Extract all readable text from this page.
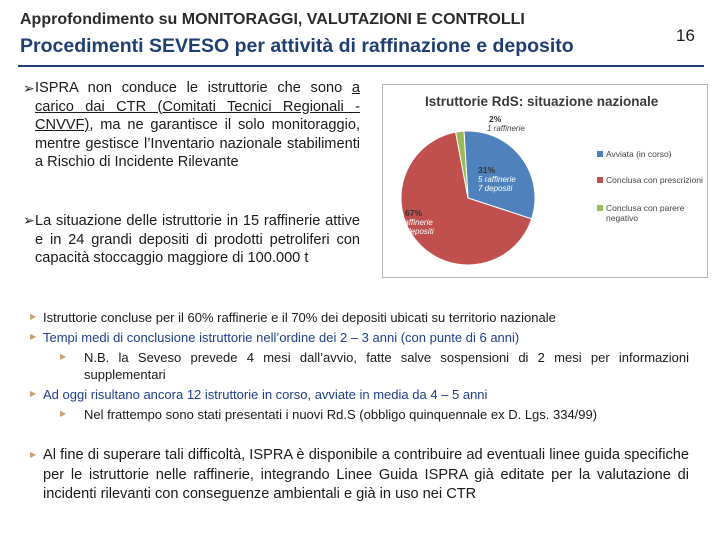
Approfondimento su MONITORAGGI, VALUTAZIONI E CONTROLLI
Procedimenti SEVESO per attività di raffinazione e deposito	16
➢ ISPRA non conduce le istruttorie che sono a carico dai CTR (Comitati Tecnici Regionali - CNVVF), ma ne garantisce il solo monitoraggio, mentre gestisce l’Inventario nazionale stabilimenti a Rischio di Incidente Rilevante
➢ La situazione delle istruttorie in 15 raffinerie attive e in 24 grandi depositi di prodotti petroliferi con capacità stoccaggio maggiore di 100.000 t
Istruttorie RdS: situazione nazionale
31%
5 raffinerie
7 depositi
67%
5 raffinerie
17 depositi
2%
1 raffinerie
Avviata (in corso)
Conclusa con prescrizioni
Conclusa con parere
negativo
▶ Istruttorie concluse per il 60% raffinerie e il 70% dei depositi ubicati su territorio nazionale
▶ Tempi medi di conclusione istruttorie nell’ordine dei 2 – 3 anni (con punte di 6 anni)
▶ N.B. la Seveso prevede 4 mesi dall’avvio, fatte salve sospensioni di 2 mesi per informazioni supplementari
▶ Ad oggi risultano ancora 12 istruttorie in corso, avviate in media da 4 – 5 anni
▶ Nel frattempo sono stati presentati i nuovi Rd.S (obbligo quinquennale ex D. Lgs. 334/99)
▶ Al fine di superare tali difficoltà, ISPRA è disponibile a contribuire ad eventuali linee guida specifiche per le istruttorie nelle raffinerie, integrando Linee Guida ISPRA già editate per la valutazione di incidenti rilevanti con conseguenze ambientali e già in uso nei CTR
